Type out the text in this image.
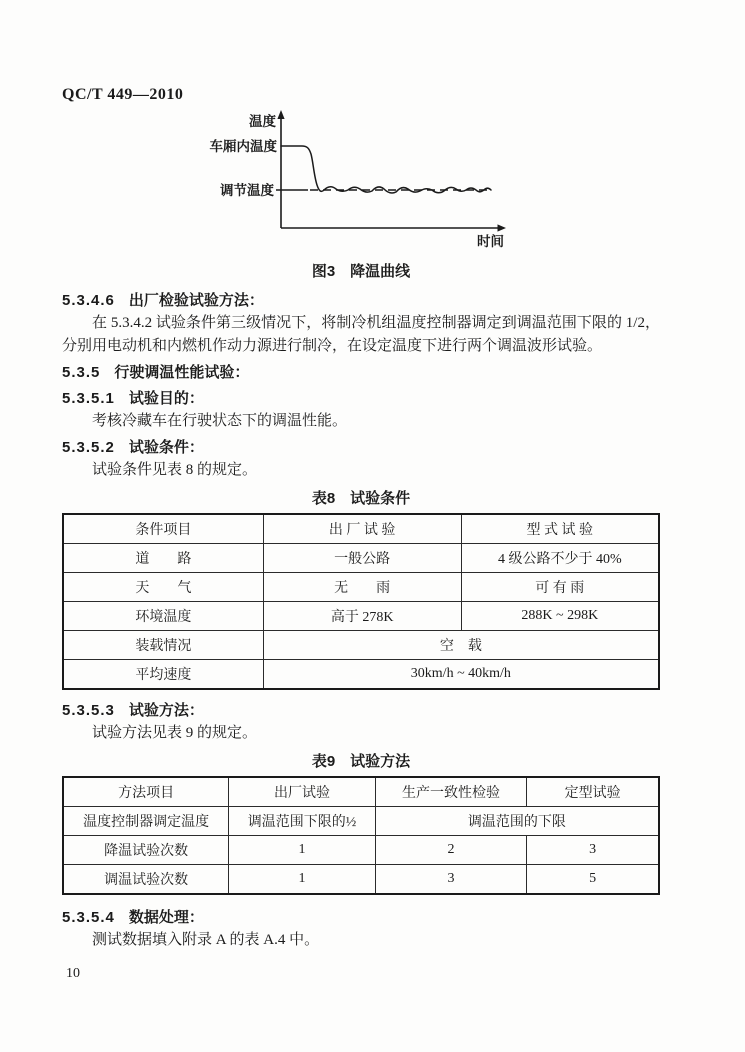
QC/T 449—2010
温度
车厢内温度
调节温度
时间
图3　降温曲线
5.3.4.6 出厂检验试验方法：
在 5.3.4.2 试验条件第三级情况下，将制冷机组温度控制器调定到调温范围下限的 1/2，分别用电动机和内燃机作动力源进行制冷，在设定温度下进行两个调温波形试验。
5.3.5 行驶调温性能试验：
5.3.5.1 试验目的：
考核冷藏车在行驶状态下的调温性能。
5.3.5.2 试验条件：
试验条件见表 8 的规定。
表8　试验条件
条件项目	出 厂 试 验	型 式 试 验
道　　路	一般公路	4 级公路不少于 40%
天　　气	无　　雨	可 有 雨
环境温度	高于 278K	288K ~ 298K
装载情况	空　载	
平均速度	30km/h ~ 40km/h	
5.3.5.3 试验方法：
试验方法见表 9 的规定。
表9　试验方法
方法项目	出厂试验	生产一致性检验	定型试验
温度控制器调定温度	调温范围下限的½	调温范围的下限	
降温试验次数	1	2	3
调温试验次数	1	3	5
5.3.5.4 数据处理：
测试数据填入附录 A 的表 A.4 中。
10
